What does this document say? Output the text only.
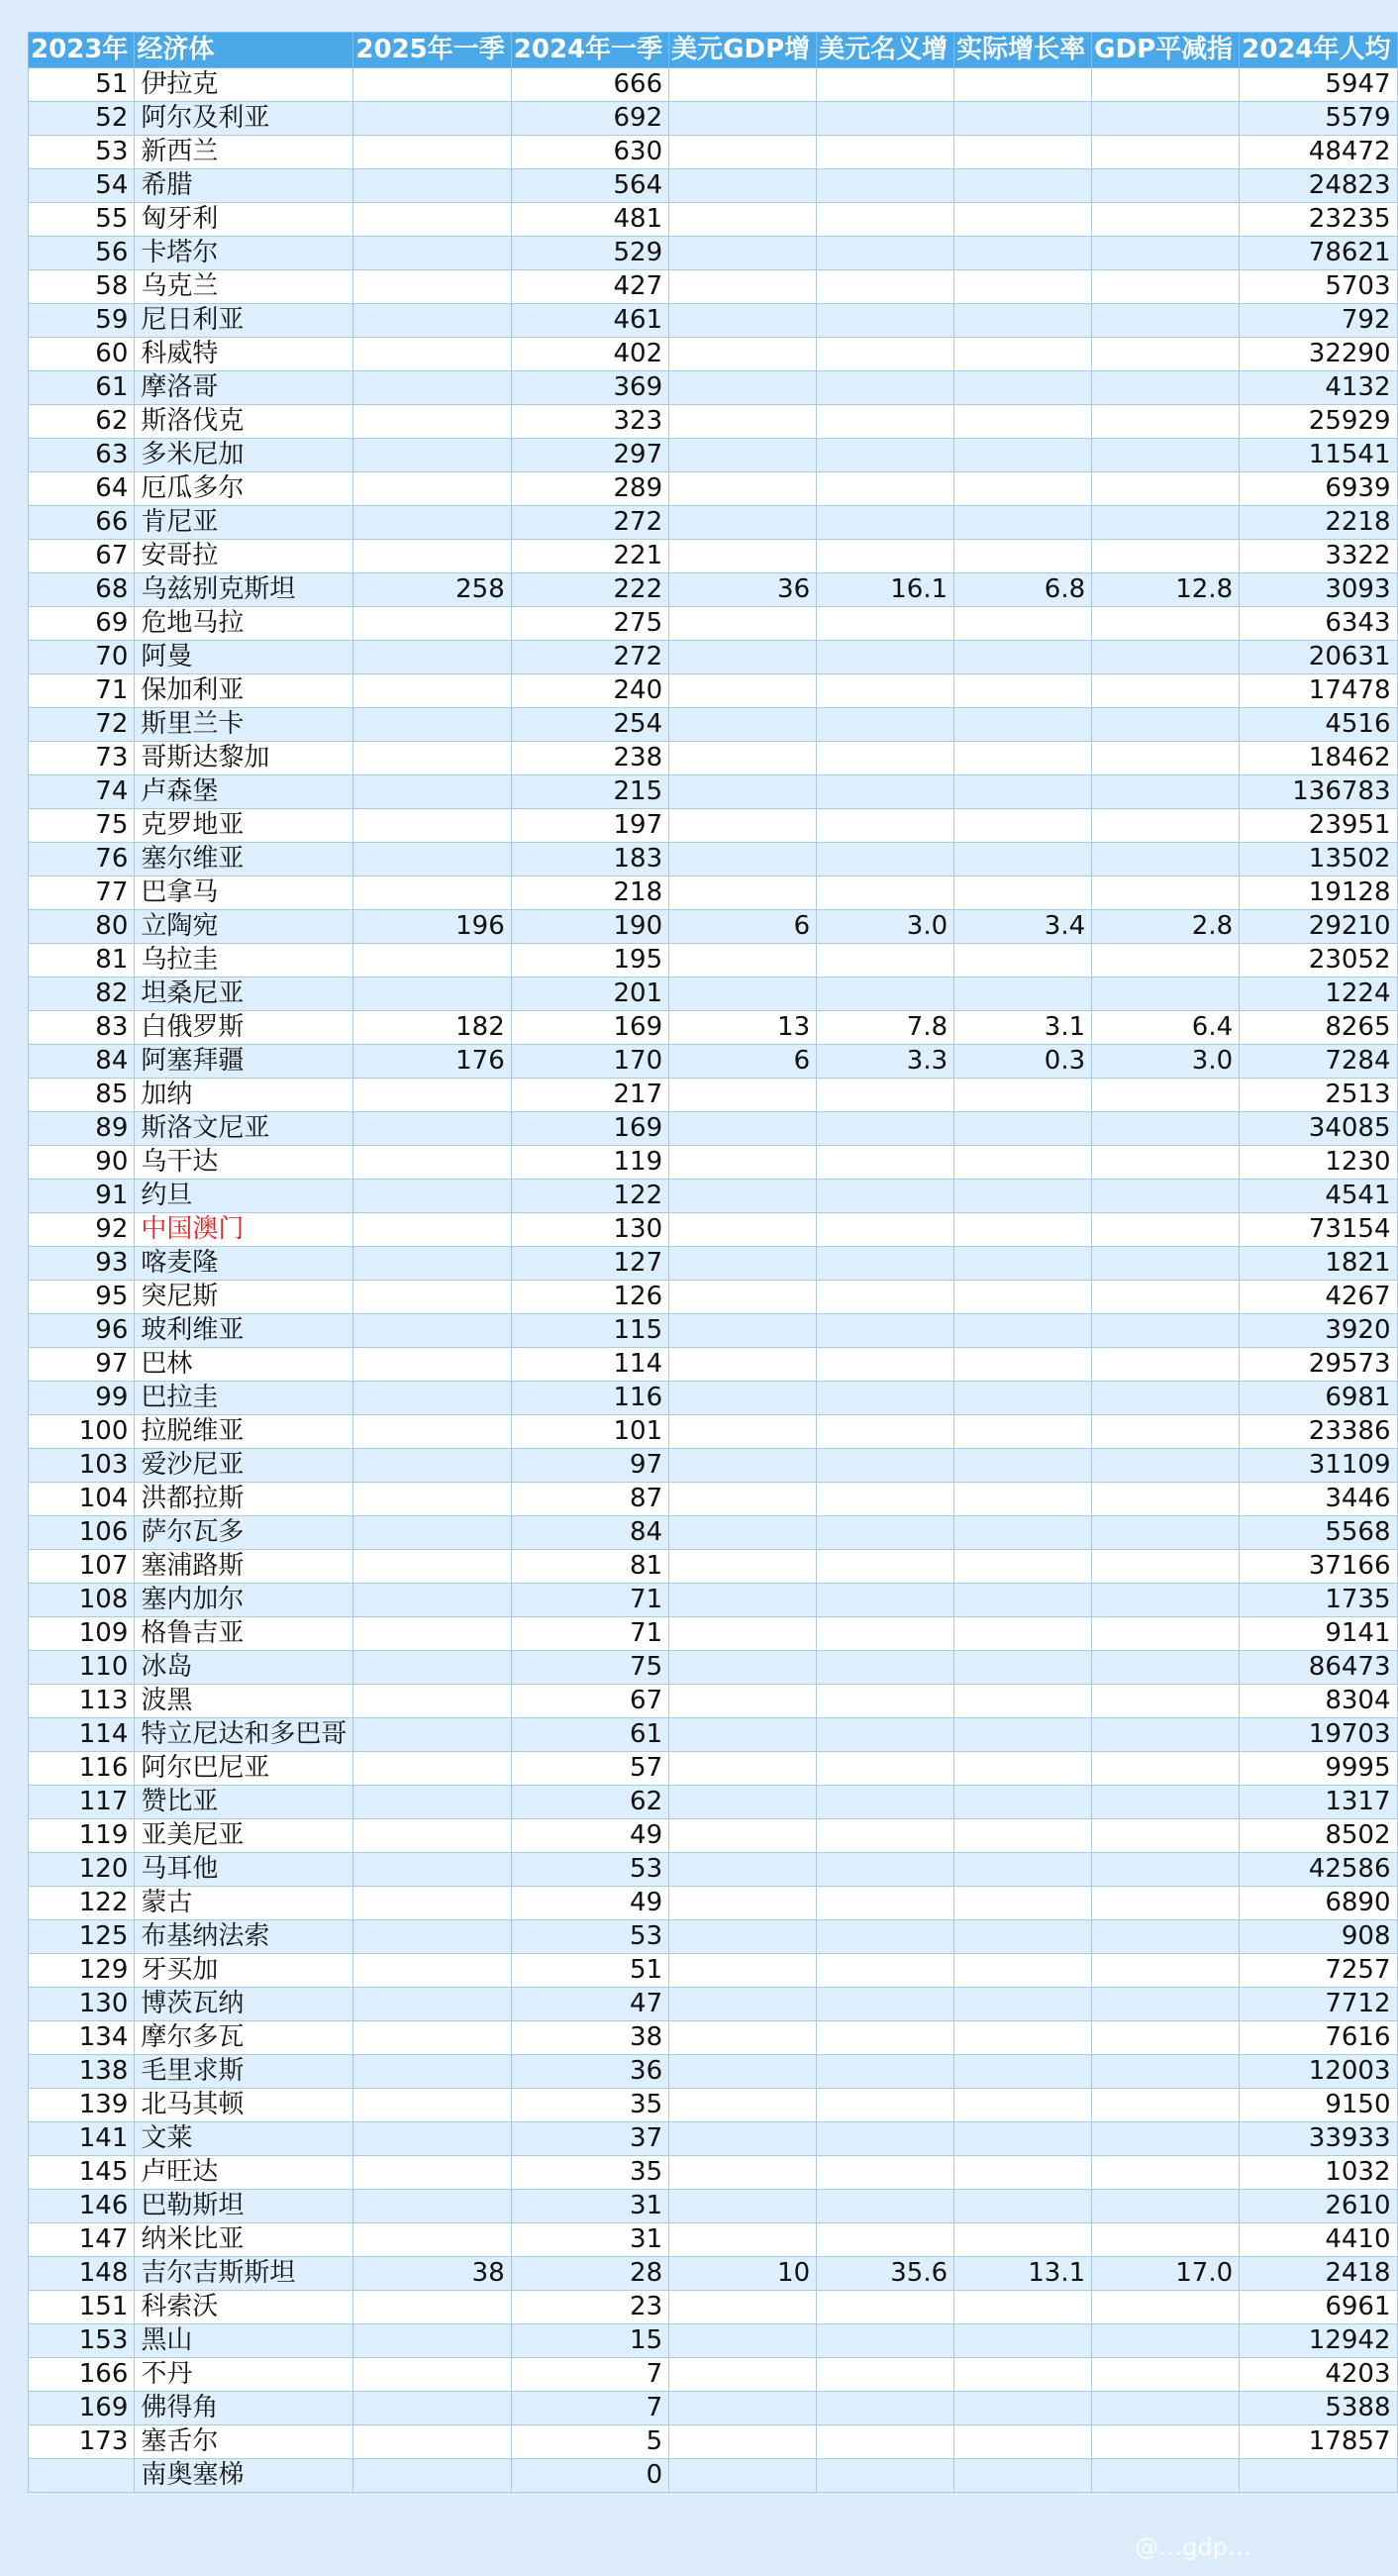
2023年	经济体	2025年一季	2024年一季	美元GDP增	美元名义增	实际增长率	GDP平减指	2024年人均
51	伊拉克		666					5947
52	阿尔及利亚		692					5579
53	新西兰		630					48472
54	希腊		564					24823
55	匈牙利		481					23235
56	卡塔尔		529					78621
58	乌克兰		427					5703
59	尼日利亚		461					792
60	科威特		402					32290
61	摩洛哥		369					4132
62	斯洛伐克		323					25929
63	多米尼加		297					11541
64	厄瓜多尔		289					6939
66	肯尼亚		272					2218
67	安哥拉		221					3322
68	乌兹别克斯坦	258	222	36	16.1	6.8	12.8	3093
69	危地马拉		275					6343
70	阿曼		272					20631
71	保加利亚		240					17478
72	斯里兰卡		254					4516
73	哥斯达黎加		238					18462
74	卢森堡		215					136783
75	克罗地亚		197					23951
76	塞尔维亚		183					13502
77	巴拿马		218					19128
80	立陶宛	196	190	6	3.0	3.4	2.8	29210
81	乌拉圭		195					23052
82	坦桑尼亚		201					1224
83	白俄罗斯	182	169	13	7.8	3.1	6.4	8265
84	阿塞拜疆	176	170	6	3.3	0.3	3.0	7284
85	加纳		217					2513
89	斯洛文尼亚		169					34085
90	乌干达		119					1230
91	约旦		122					4541
92	中国澳门		130					73154
93	喀麦隆		127					1821
95	突尼斯		126					4267
96	玻利维亚		115					3920
97	巴林		114					29573
99	巴拉圭		116					6981
100	拉脱维亚		101					23386
103	爱沙尼亚		97					31109
104	洪都拉斯		87					3446
106	萨尔瓦多		84					5568
107	塞浦路斯		81					37166
108	塞内加尔		71					1735
109	格鲁吉亚		71					9141
110	冰岛		75					86473
113	波黑		67					8304
114	特立尼达和多巴哥		61					19703
116	阿尔巴尼亚		57					9995
117	赞比亚		62					1317
119	亚美尼亚		49					8502
120	马耳他		53					42586
122	蒙古		49					6890
125	布基纳法索		53					908
129	牙买加		51					7257
130	博茨瓦纳		47					7712
134	摩尔多瓦		38					7616
138	毛里求斯		36					12003
139	北马其顿		35					9150
141	文莱		37					33933
145	卢旺达		35					1032
146	巴勒斯坦		31					2610
147	纳米比亚		31					4410
148	吉尔吉斯斯坦	38	28	10	35.6	13.1	17.0	2418
151	科索沃		23					6961
153	黑山		15					12942
166	不丹		7					4203
169	佛得角		7					5388
173	塞舌尔		5					17857
	南奥塞梯		0					
@…gdp…
